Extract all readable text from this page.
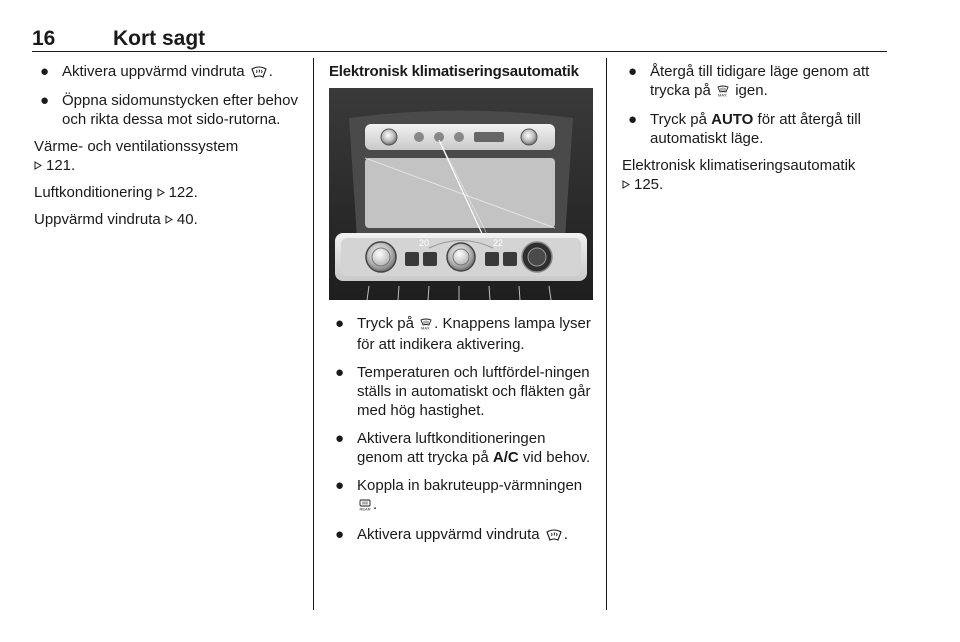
16	Kort sagt
● Aktivera uppvärmd vindruta .
● Öppna sidomunstycken efter behov och rikta dessa mot sido-rutorna.

Värme- och ventilationssystem
121.

Luftkonditionering 122.

Uppvärmd vindruta 40.

Elektronisk klimatiseringsautomatik
20	22
● Tryck på MAX . Knappens lampa lyser för att indikera aktivering.
● Temperaturen och luftfördel-ningen ställs in automatiskt och fläkten går med hög hastighet.
● Aktivera luftkonditioneringen genom att trycka på A/C vid behov.
● Koppla in bakruteupp-värmningen
REAR .
● Aktivera uppvärmd vindruta .
● Återgå till tidigare läge genom att trycka på MAX igen.
● Tryck på AUTO för att återgå till automatiskt läge.

Elektronisk klimatiseringsautomatik
125.
